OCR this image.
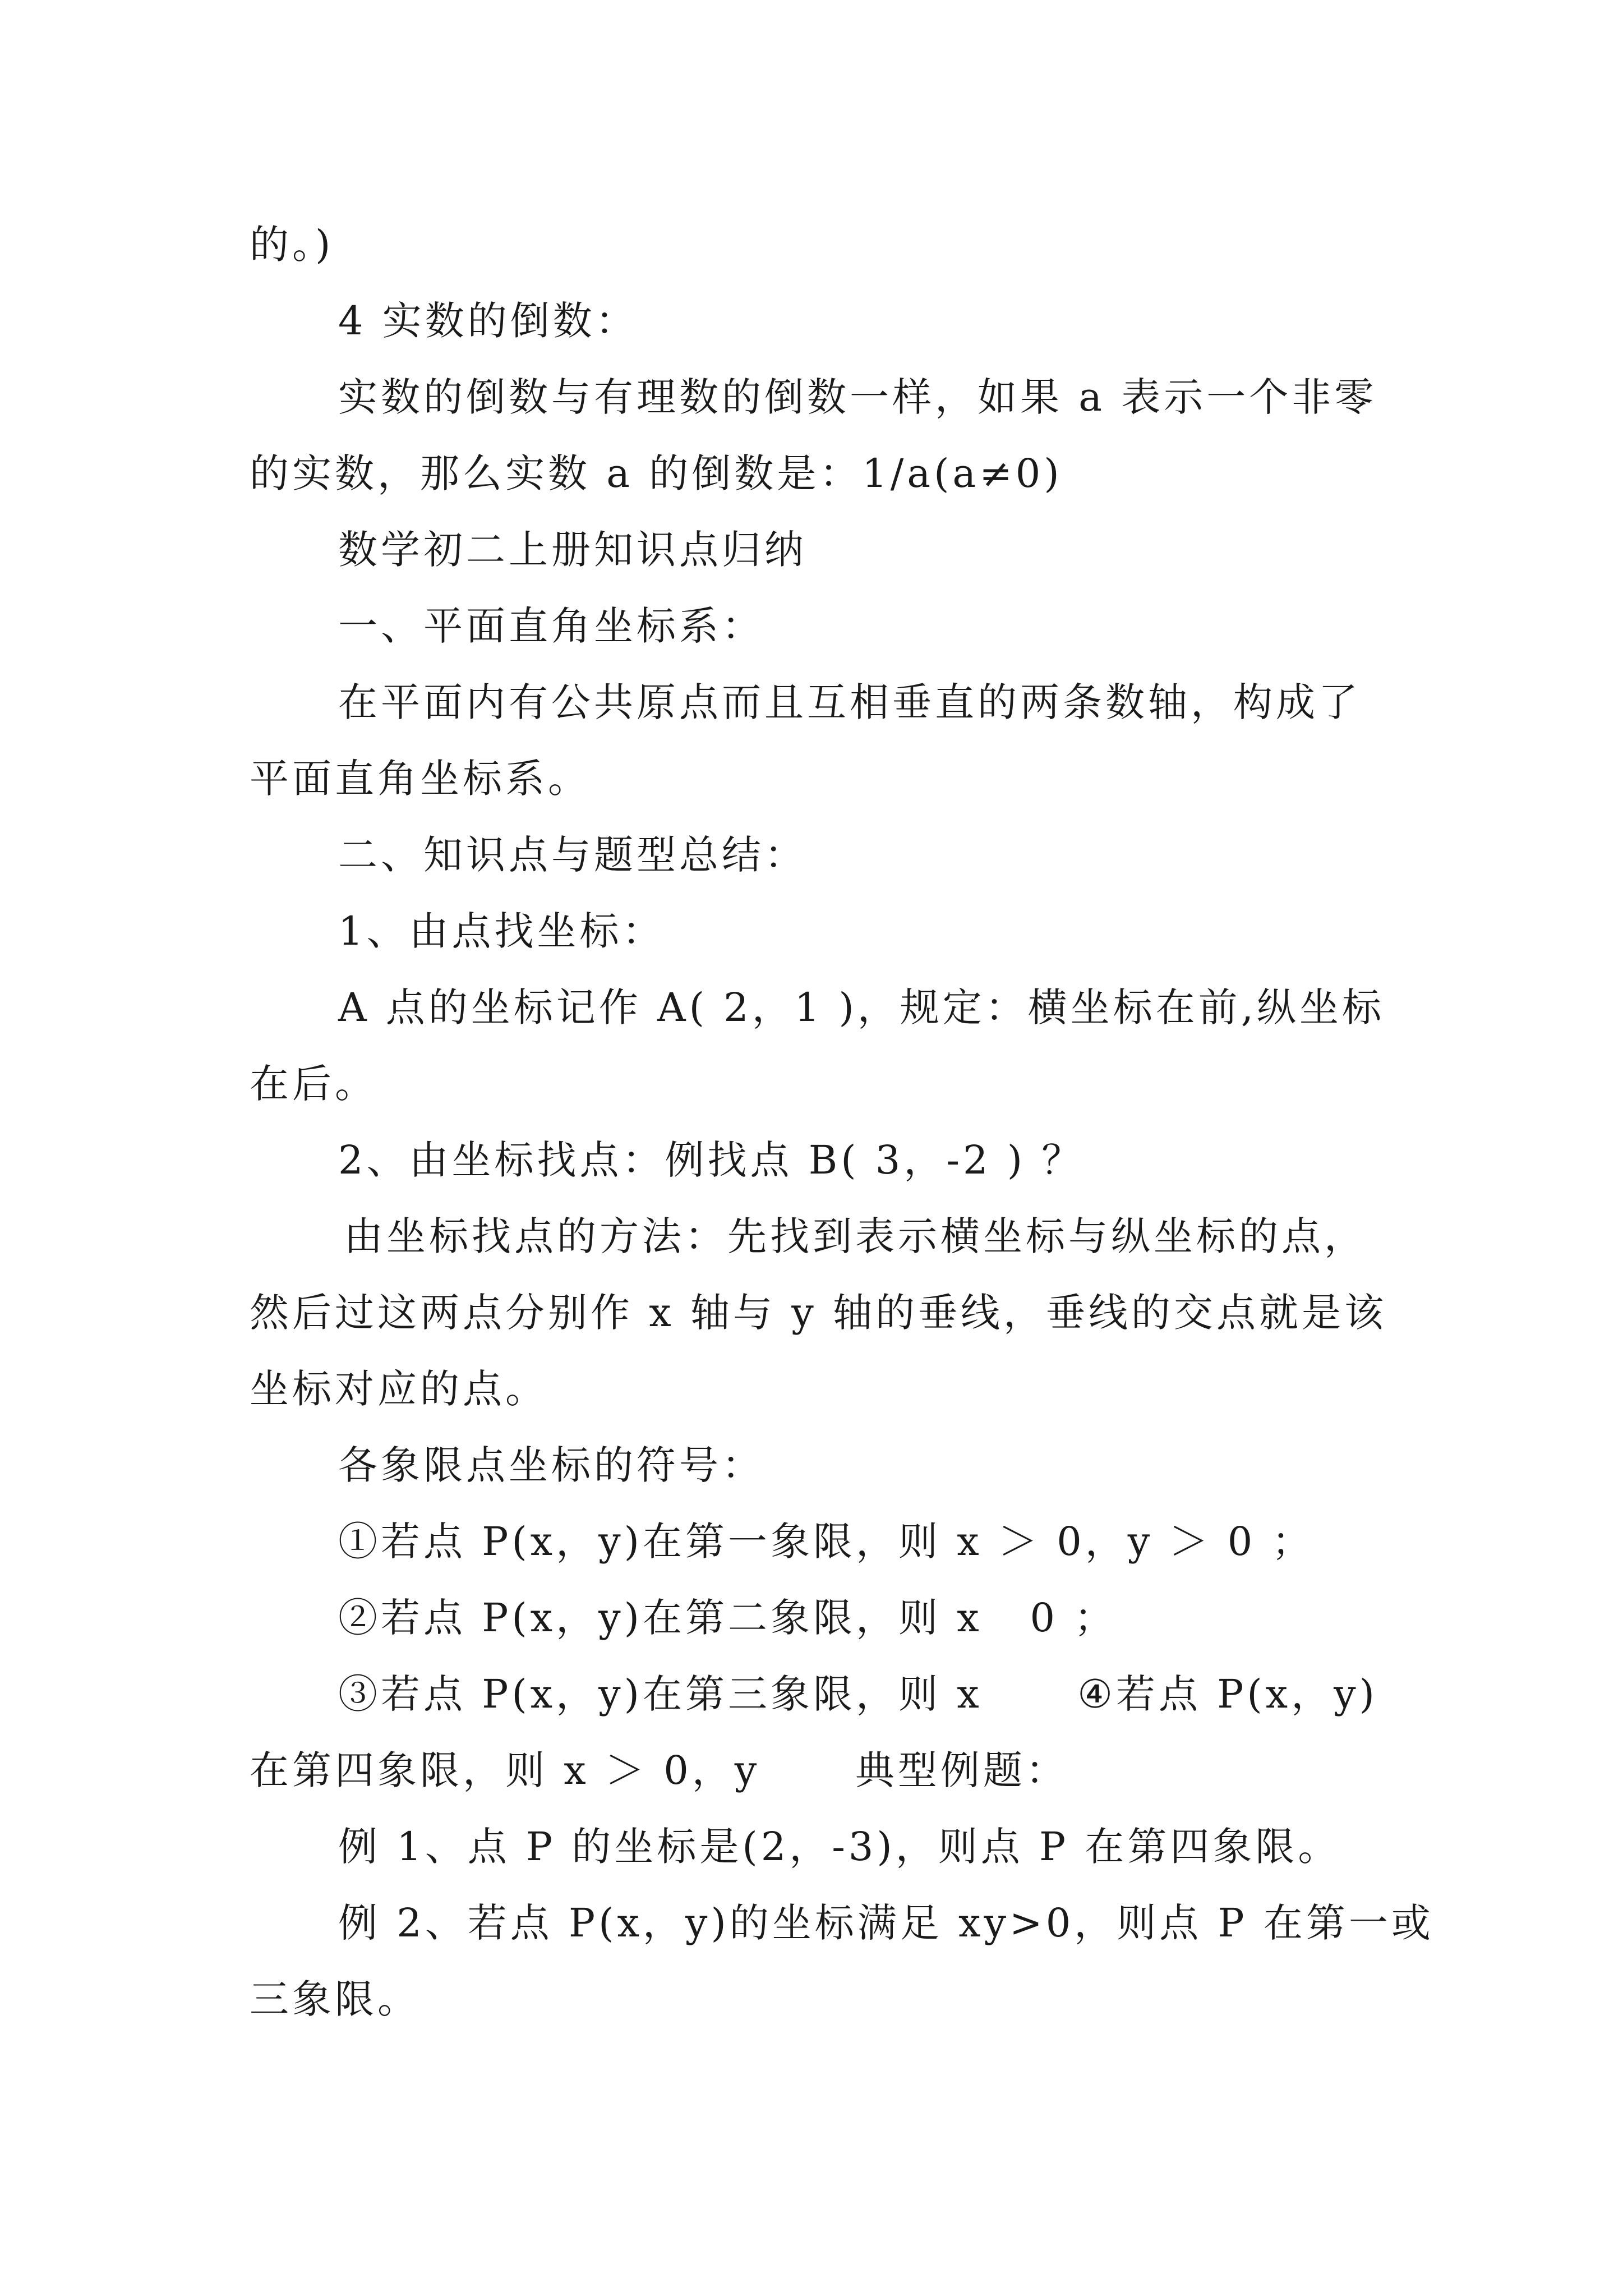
的。)
4 实数的倒数：
实数的倒数与有理数的倒数一样，如果 a 表示一个非零
的实数，那么实数 a 的倒数是：1/a(a≠0)
数学初二上册知识点归纳
一、平面直角坐标系：
在平面内有公共原点而且互相垂直的两条数轴，构成了
平面直角坐标系。
二、知识点与题型总结：
1、由点找坐标：
A 点的坐标记作 A( 2，1 )，规定：横坐标在前,纵坐标
在后。
2、由坐标找点：例找点 B( 3，-2 ) ？
由坐标找点的方法：先找到表示横坐标与纵坐标的点，
然后过这两点分别作 x 轴与 y 轴的垂线，垂线的交点就是该
坐标对应的点。
各象限点坐标的符号：
①若点 P(x，y)在第一象限，则 x ＞ 0，y ＞ 0 ；
②若点 P(x，y)在第二象限，则 x   0 ；
③若点 P(x，y)在第三象限，则 x      ④若点 P(x，y)
在第四象限，则 x ＞ 0，y      典型例题：
例 1、点 P 的坐标是(2，-3)，则点 P 在第四象限。
例 2、若点 P(x，y)的坐标满足 xy>0，则点 P 在第一或
三象限。
